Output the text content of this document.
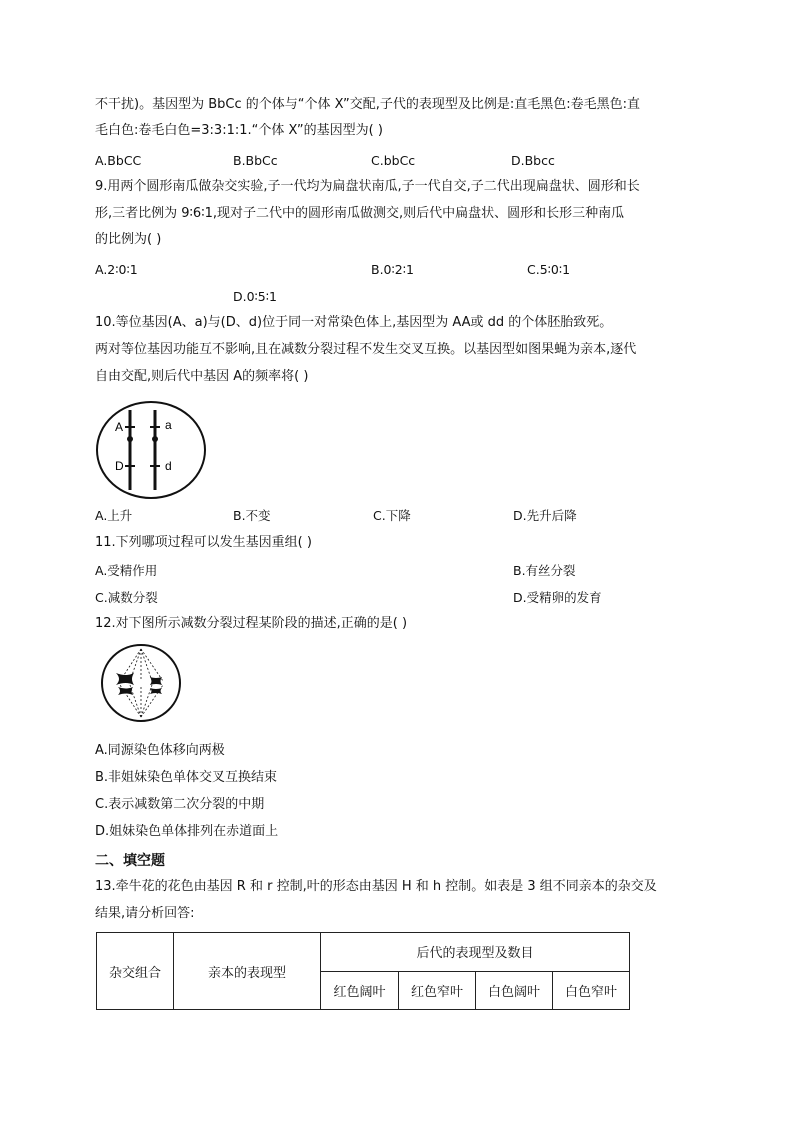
不干扰)。基因型为 BbCc 的个体与“个体 X”交配,子代的表现型及比例是:直毛黑色:卷毛黑色:直
毛白色:卷毛白色=3:3:1:1.“个体 X”的基因型为( )
A.BbCC	B.BbCc	C.bbCc	D.Bbcc
9.用两个圆形南瓜做杂交实验,子一代均为扁盘状南瓜,子一代自交,子二代出现扁盘状、圆形和长
形,三者比例为 9∶6∶1,现对子二代中的圆形南瓜做测交,则后代中扁盘状、圆形和长形三种南瓜
的比例为( )
A.2∶0∶1	B.0∶2∶1	C.5∶0∶1
D.0∶5∶1
10.等位基因(A、a)与(D、d)位于同一对常染色体上,基因型为 AA或 dd 的个体胚胎致死。
两对等位基因功能互不影响,且在减数分裂过程不发生交叉互换。以基因型如图果蝇为亲本,逐代
自由交配,则后代中基因 A的频率将( )
A	a
D	d
A.上升	B.不变	C.下降	D.先升后降
11.下列哪项过程可以发生基因重组( )
A.受精作用	B.有丝分裂
C.减数分裂	D.受精卵的发育
12.对下图所示减数分裂过程某阶段的描述,正确的是( )
A.同源染色体移向两极
B.非姐妹染色单体交叉互换结束
C.表示减数第二次分裂的中期
D.姐妹染色单体排列在赤道面上
二、填空题
13.牵牛花的花色由基因 R 和 r 控制,叶的形态由基因 H 和 h 控制。如表是 3 组不同亲本的杂交及
结果,请分析回答:
杂交组合	亲本的表现型	后代的表现型及数目			
		红色阔叶	红色窄叶	白色阔叶	白色窄叶
